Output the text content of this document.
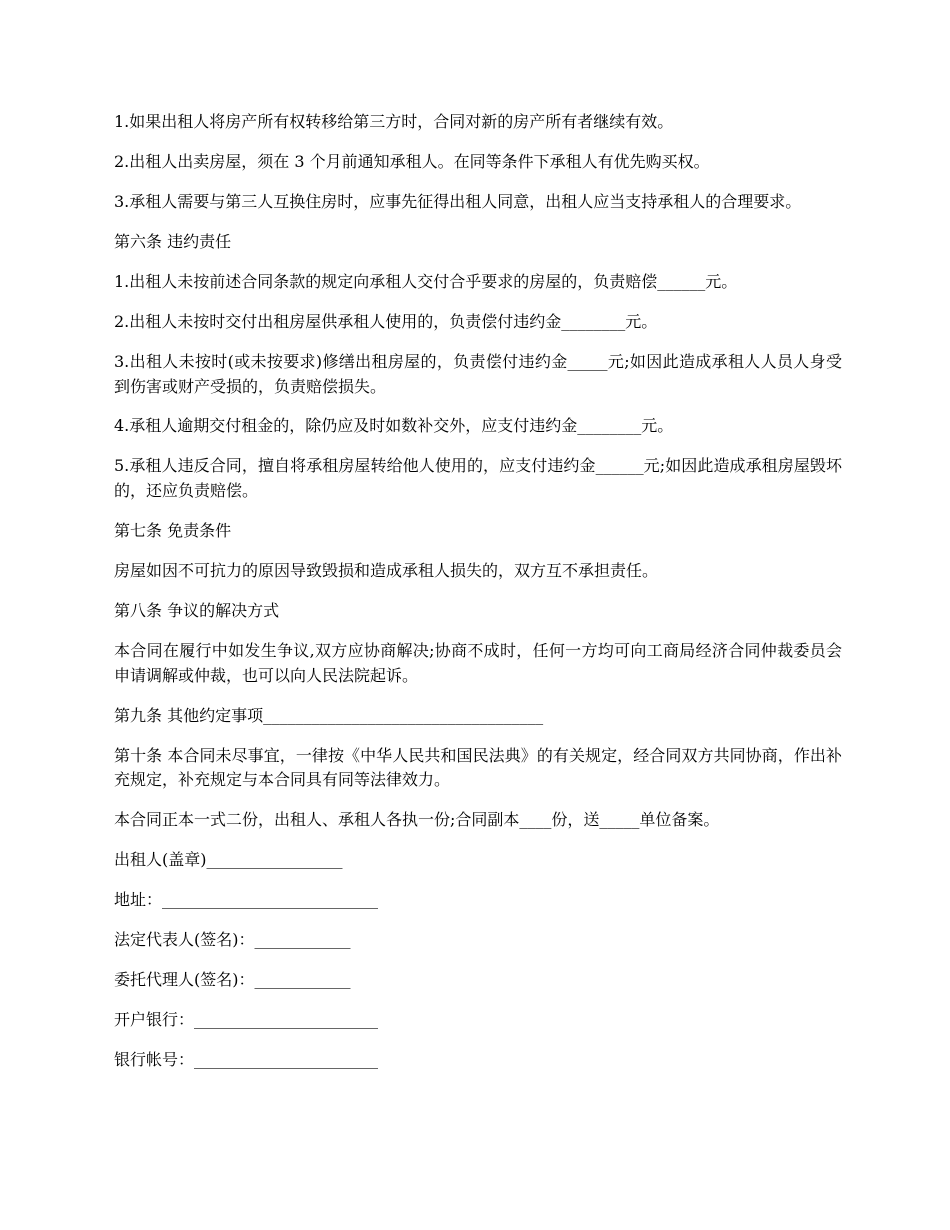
1.如果出租人将房产所有权转移给第三方时，合同对新的房产所有者继续有效。

2.出租人出卖房屋，须在 3 个月前通知承租人。在同等条件下承租人有优先购买权。

3.承租人需要与第三人互换住房时，应事先征得出租人同意，出租人应当支持承租人的合理要求。

第六条 违约责任

1.出租人未按前述合同条款的规定向承租人交付合乎要求的房屋的，负责赔偿______元。

2.出租人未按时交付出租房屋供承租人使用的，负责偿付违约金________元。

3.出租人未按时(或未按要求)修缮出租房屋的，负责偿付违约金_____元;如因此造成承租人人员人身受到伤害或财产受损的，负责赔偿损失。

4.承租人逾期交付租金的，除仍应及时如数补交外，应支付违约金________元。

5.承租人违反合同，擅自将承租房屋转给他人使用的，应支付违约金______元;如因此造成承租房屋毁坏的，还应负责赔偿。

第七条 免责条件

房屋如因不可抗力的原因导致毁损和造成承租人损失的，双方互不承担责任。

第八条 争议的解决方式

本合同在履行中如发生争议,双方应协商解决;协商不成时，任何一方均可向工商局经济合同仲裁委员会申请调解或仲裁，也可以向人民法院起诉。

第九条 其他约定事项___________________________________

第十条 本合同未尽事宜，一律按《中华人民共和国民法典》的有关规定，经合同双方共同协商，作出补充规定，补充规定与本合同具有同等法律效力。

本合同正本一式二份，出租人、承租人各执一份;合同副本____份，送_____单位备案。

出租人(盖章)_________________

地址：___________________________

法定代表人(签名)：____________

委托代理人(签名)：____________

开户银行：_______________________

银行帐号：_______________________
